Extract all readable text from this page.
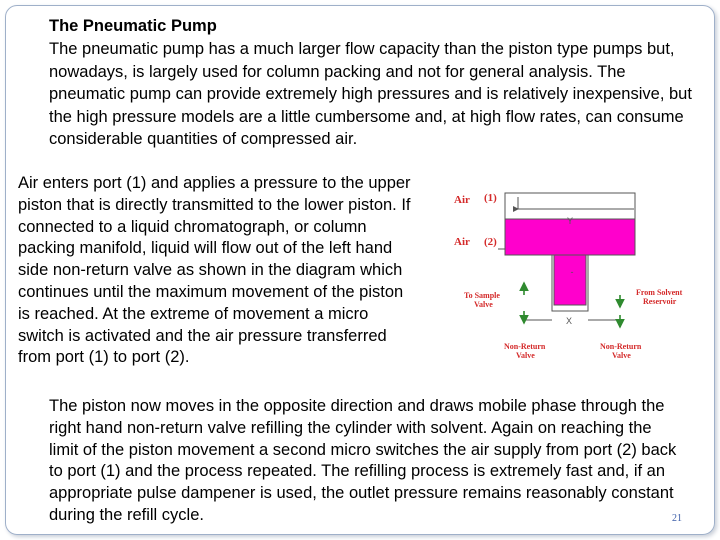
The Pneumatic Pump

The pneumatic pump has a much larger flow capacity than the piston type pumps but, nowadays, is largely used for column packing and not for general analysis. The pneumatic pump can provide extremely high pressures and is relatively inexpensive, but the high pressure models are a little cumbersome and, at high flow rates, can consume considerable quantities of compressed air.

Air enters port (1) and applies a pressure to the upper piston that is directly transmitted to the lower piston. If connected to a liquid chromatograph, or column packing manifold, liquid will flow out of the left hand side non-return valve as shown in the diagram which continues until the maximum movement of the piston is reached. At the extreme of movement a micro switch is activated and the air pressure transferred from port (1) to port (2).

The piston now moves in the opposite direction and draws mobile phase through the right hand non-return valve refilling the cylinder with solvent. Again on reaching the limit of the piston movement a second micro switches the air supply from port (2) back to port (1) and the process repeated. The refilling process is extremely fast and, if an appropriate pulse dampener is used, the outlet pressure remains reasonably constant during the refill cycle.	21
-
Air (1)
Air (2)
Y
X
To Sample
Valve
From Solvent
Reservoir
Non-Return
Valve
Non-Return
Valve
